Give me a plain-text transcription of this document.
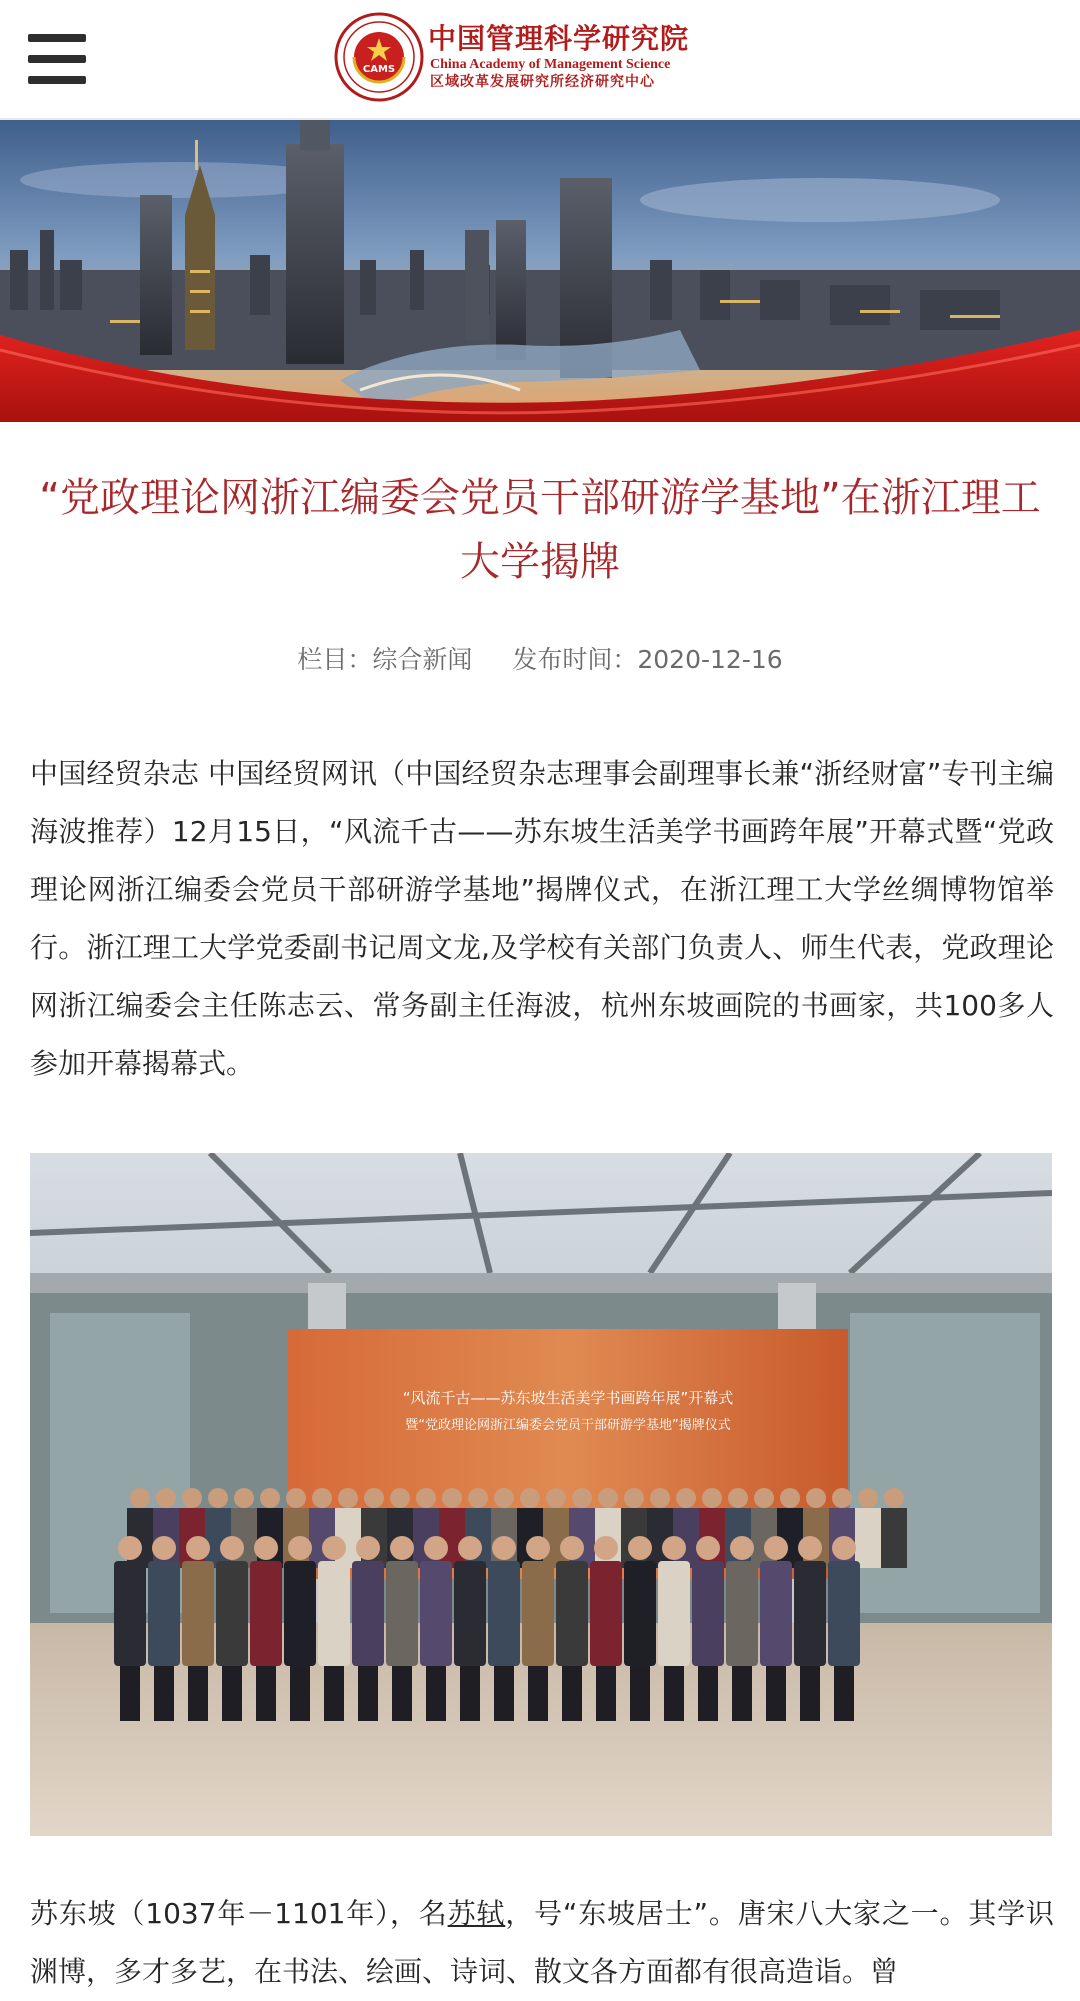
CAMS
中国管理科学研究院
China Academy of Management Science
区域改革发展研究所经济研究中心
“党政理论网浙江编委会党员干部研游学基地”在浙江理工大学揭牌
栏目：综合新闻 发布时间：2020-12-16
中国经贸杂志 中国经贸网讯（中国经贸杂志理事会副理事长兼“浙经财富”专刊主编海波推荐）12月15日，“风流千古——苏东坡生活美学书画跨年展”开幕式暨“党政理论网浙江编委会党员干部研游学基地”揭牌仪式，在浙江理工大学丝绸博物馆举行。浙江理工大学党委副书记周文龙,及学校有关部门负责人、师生代表，党政理论网浙江编委会主任陈志云、常务副主任海波，杭州东坡画院的书画家，共100多人参加开幕揭幕式。
“风流千古——苏东坡生活美学书画跨年展”开幕式
暨“党政理论网浙江编委会党员干部研游学基地”揭牌仪式
苏东坡（1037年－1101年），名苏轼，号“东坡居士”。唐宋八大家之一。其学识渊博，多才多艺，在书法、绘画、诗词、散文各方面都有很高造诣。曾
